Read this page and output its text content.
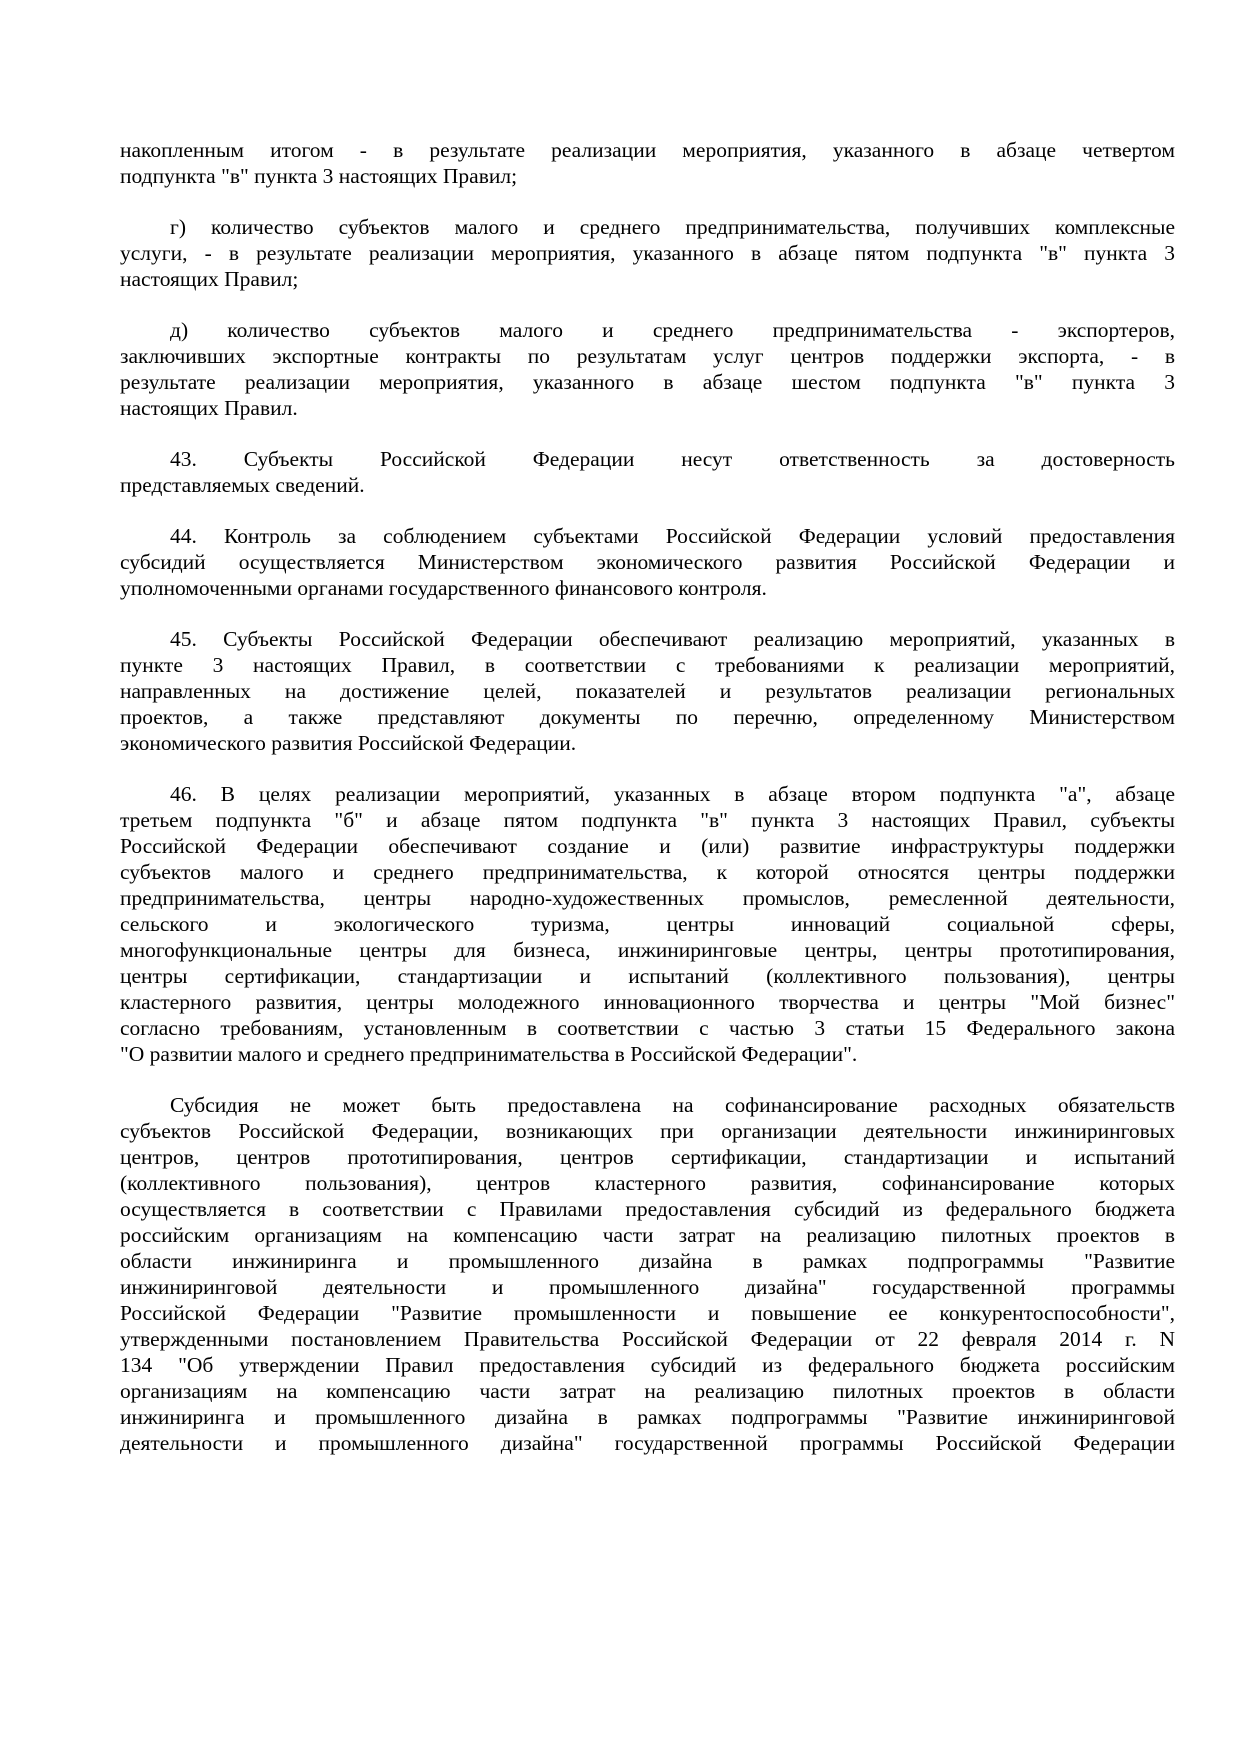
накопленным итогом - в результате реализации мероприятия, указанного в абзаце четвертом
подпункта "в" пункта 3 настоящих Правил;
г) количество субъектов малого и среднего предпринимательства, получивших комплексные
услуги, - в результате реализации мероприятия, указанного в абзаце пятом подпункта "в" пункта 3
настоящих Правил;
д) количество субъектов малого и среднего предпринимательства - экспортеров,
заключивших экспортные контракты по результатам услуг центров поддержки экспорта, - в
результате реализации мероприятия, указанного в абзаце шестом подпункта "в" пункта 3
настоящих Правил.
43. Субъекты Российской Федерации несут ответственность за достоверность
представляемых сведений.
44. Контроль за соблюдением субъектами Российской Федерации условий предоставления
субсидий осуществляется Министерством экономического развития Российской Федерации и
уполномоченными органами государственного финансового контроля.
45. Субъекты Российской Федерации обеспечивают реализацию мероприятий, указанных в
пункте 3 настоящих Правил, в соответствии с требованиями к реализации мероприятий,
направленных на достижение целей, показателей и результатов реализации региональных
проектов, а также представляют документы по перечню, определенному Министерством
экономического развития Российской Федерации.
46. В целях реализации мероприятий, указанных в абзаце втором подпункта "а", абзаце
третьем подпункта "б" и абзаце пятом подпункта "в" пункта 3 настоящих Правил, субъекты
Российской Федерации обеспечивают создание и (или) развитие инфраструктуры поддержки
субъектов малого и среднего предпринимательства, к которой относятся центры поддержки
предпринимательства, центры народно-художественных промыслов, ремесленной деятельности,
сельского и экологического туризма, центры инноваций социальной сферы,
многофункциональные центры для бизнеса, инжиниринговые центры, центры прототипирования,
центры сертификации, стандартизации и испытаний (коллективного пользования), центры
кластерного развития, центры молодежного инновационного творчества и центры "Мой бизнес"
согласно требованиям, установленным в соответствии с частью 3 статьи 15 Федерального закона
"О развитии малого и среднего предпринимательства в Российской Федерации".
Субсидия не может быть предоставлена на софинансирование расходных обязательств
субъектов Российской Федерации, возникающих при организации деятельности инжиниринговых
центров, центров прототипирования, центров сертификации, стандартизации и испытаний
(коллективного пользования), центров кластерного развития, софинансирование которых
осуществляется в соответствии с Правилами предоставления субсидий из федерального бюджета
российским организациям на компенсацию части затрат на реализацию пилотных проектов в
области инжиниринга и промышленного дизайна в рамках подпрограммы "Развитие
инжиниринговой деятельности и промышленного дизайна" государственной программы
Российской Федерации "Развитие промышленности и повышение ее конкурентоспособности",
утвержденными постановлением Правительства Российской Федерации от 22 февраля 2014 г. N
134 "Об утверждении Правил предоставления субсидий из федерального бюджета российским
организациям на компенсацию части затрат на реализацию пилотных проектов в области
инжиниринга и промышленного дизайна в рамках подпрограммы "Развитие инжиниринговой
деятельности и промышленного дизайна" государственной программы Российской Федерации
